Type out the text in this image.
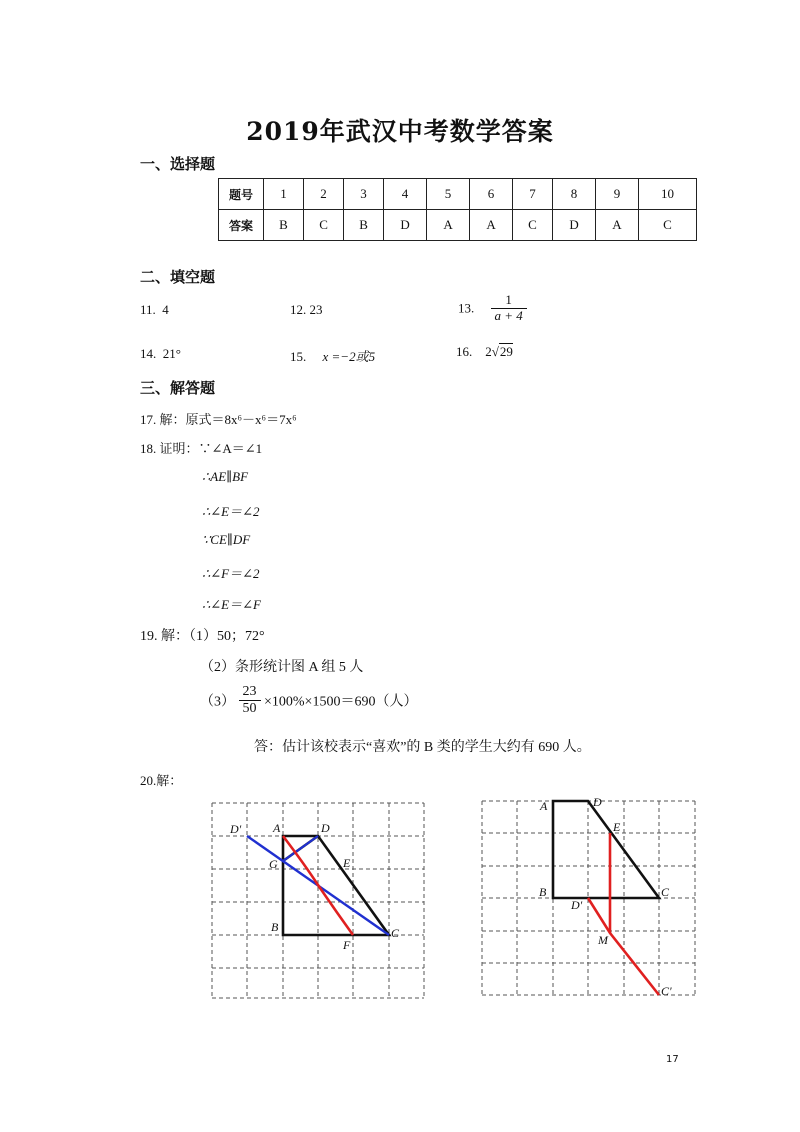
2019年武汉中考数学答案
一、选择题
题号	1	2	3	4	5	6	7	8	9	10
答案	B	C	B	D	A	A	C	D	A	C
二、填空题
11. 4	12. 23	13. $\frac{1}{a + 4}$
14. 21°	15. x =−2或5	16. 2√29
三、解答题
17. 解：原式＝8x⁶－x⁶＝7x⁶
18. 证明：∵∠A＝∠1
∴AE∥BF
∴∠E＝∠2
∵CE∥DF
∴∠F＝∠2
∴∠E＝∠F
19. 解：（1）50；72°
（2）条形统计图 A 组 5 人
$(3) \frac{23}{50} \times 100\%\times 1500=690$（人）
答：估计该校表示“喜欢”的 B 类的学生大约有 690 人。
20.解：
D'	A	D
G	E
B
F
C
A	D
E
B	C
D'
M
C'
17
